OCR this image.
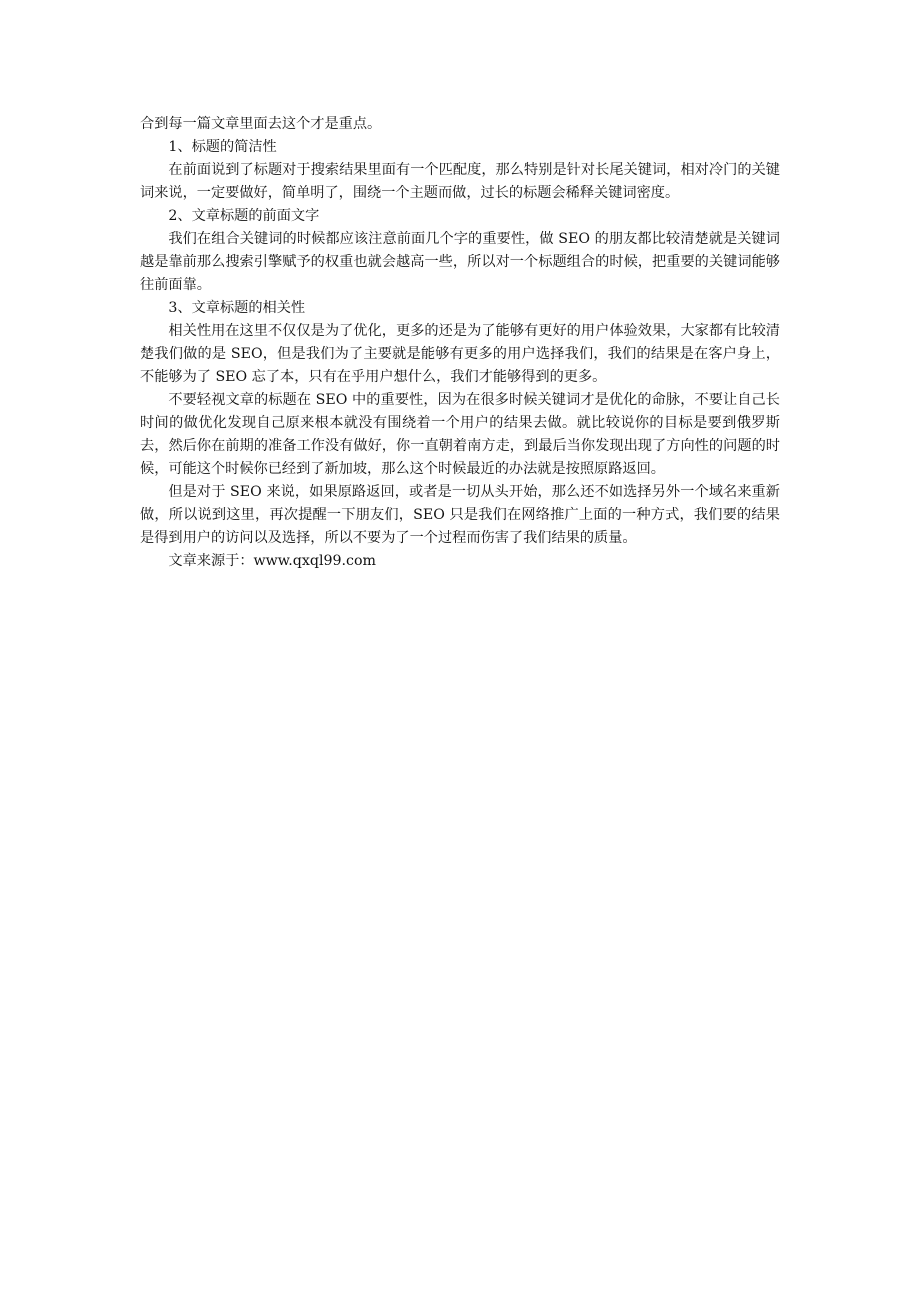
合到每一篇文章里面去这个才是重点。

1、标题的简洁性

在前面说到了标题对于搜索结果里面有一个匹配度，那么特别是针对长尾关键词，相对冷门的关键词来说，一定要做好，简单明了，围绕一个主题而做，过长的标题会稀释关键词密度。

2、文章标题的前面文字

我们在组合关键词的时候都应该注意前面几个字的重要性，做 SEO 的朋友都比较清楚就是关键词越是靠前那么搜索引擎赋予的权重也就会越高一些，所以对一个标题组合的时候，把重要的关键词能够往前面靠。

3、文章标题的相关性

相关性用在这里不仅仅是为了优化，更多的还是为了能够有更好的用户体验效果，大家都有比较清楚我们做的是 SEO，但是我们为了主要就是能够有更多的用户选择我们，我们的结果是在客户身上，不能够为了 SEO 忘了本，只有在乎用户想什么，我们才能够得到的更多。

不要轻视文章的标题在 SEO 中的重要性，因为在很多时候关键词才是优化的命脉，不要让自己长时间的做优化发现自己原来根本就没有围绕着一个用户的结果去做。就比较说你的目标是要到俄罗斯去，然后你在前期的准备工作没有做好，你一直朝着南方走，到最后当你发现出现了方向性的问题的时候，可能这个时候你已经到了新加坡，那么这个时候最近的办法就是按照原路返回。

但是对于 SEO 来说，如果原路返回，或者是一切从头开始，那么还不如选择另外一个域名来重新做，所以说到这里，再次提醒一下朋友们，SEO 只是我们在网络推广上面的一种方式，我们要的结果是得到用户的访问以及选择，所以不要为了一个过程而伤害了我们结果的质量。

文章来源于：www.qxql99.com
